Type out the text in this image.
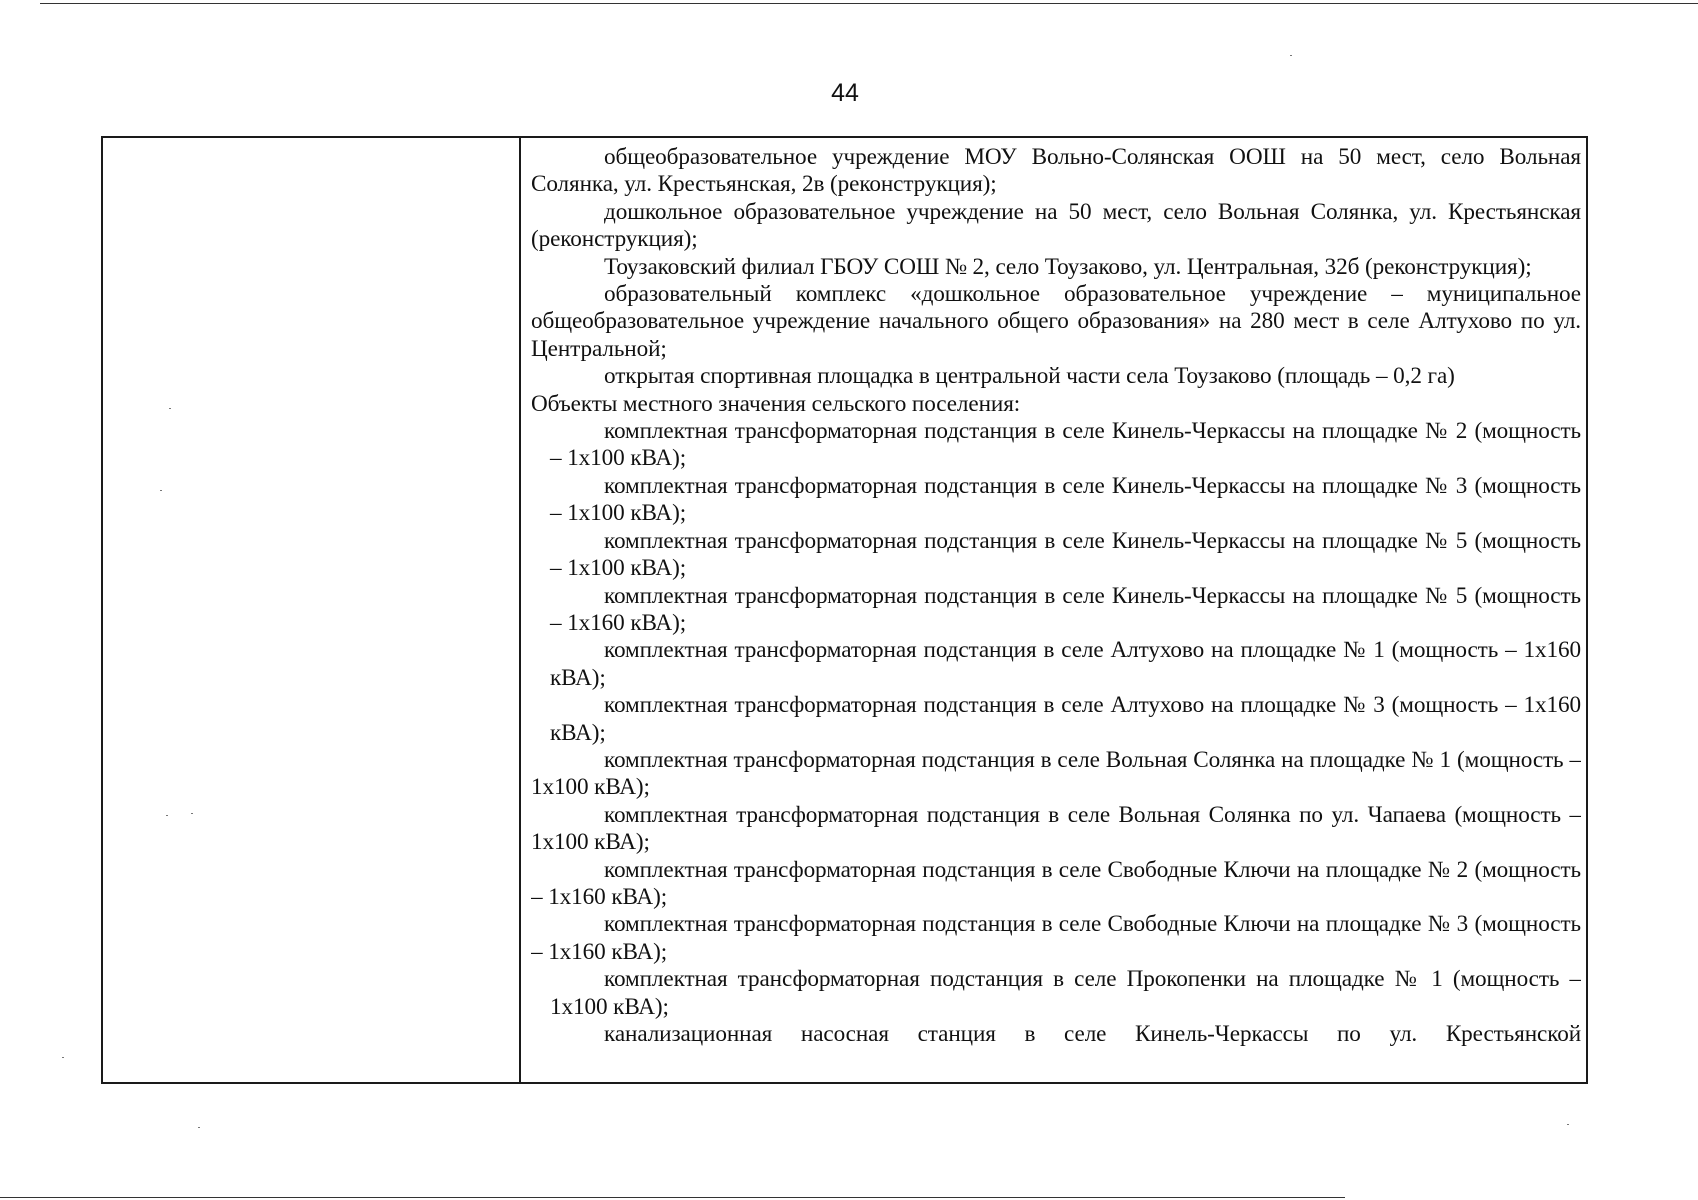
44

общеобразовательное учреждение МОУ Вольно-Солянская ООШ на 50 мест, село Вольная Солянка, ул. Крестьянская, 2в (реконструкция);

дошкольное образовательное учреждение на 50 мест, село Вольная Солянка, ул. Крестьянская (реконструкция);

Тоузаковский филиал ГБОУ СОШ № 2, село Тоузаково, ул. Центральная, 32б (реконструкция);

образовательный комплекс «дошкольное образовательное учреждение – муниципальное общеобразовательное учреждение начального общего образования» на 280 мест в селе Алтухово по ул. Центральной;

открытая спортивная площадка в центральной части села Тоузаково (площадь – 0,2 га)

Объекты местного значения сельского поселения:

комплектная трансформаторная подстанция в селе Кинель-Черкассы на площадке № 2 (мощность – 1х100 кВА);

комплектная трансформаторная подстанция в селе Кинель-Черкассы на площадке № 3 (мощность – 1х100 кВА);

комплектная трансформаторная подстанция в селе Кинель-Черкассы на площадке № 5 (мощность – 1х100 кВА);

комплектная трансформаторная подстанция в селе Кинель-Черкассы на площадке № 5 (мощность – 1х160 кВА);

комплектная трансформаторная подстанция в селе Алтухово на площадке № 1 (мощность – 1х160 кВА);

комплектная трансформаторная подстанция в селе Алтухово на площадке № 3 (мощность – 1х160 кВА);

комплектная трансформаторная подстанция в селе Вольная Солянка на площадке № 1 (мощность – 1х100 кВА);

комплектная трансформаторная подстанция в селе Вольная Солянка по ул. Чапаева (мощность – 1х100 кВА);

комплектная трансформаторная подстанция в селе Свободные Ключи на площадке № 2 (мощность – 1х160 кВА);

комплектная трансформаторная подстанция в селе Свободные Ключи на площадке № 3 (мощность – 1х160 кВА);

комплектная трансформаторная подстанция в селе Прокопенки на площадке № 1 (мощность – 1х100 кВА);

канализационная насосная станция в селе Кинель-Черкассы по ул. Крестьянской
